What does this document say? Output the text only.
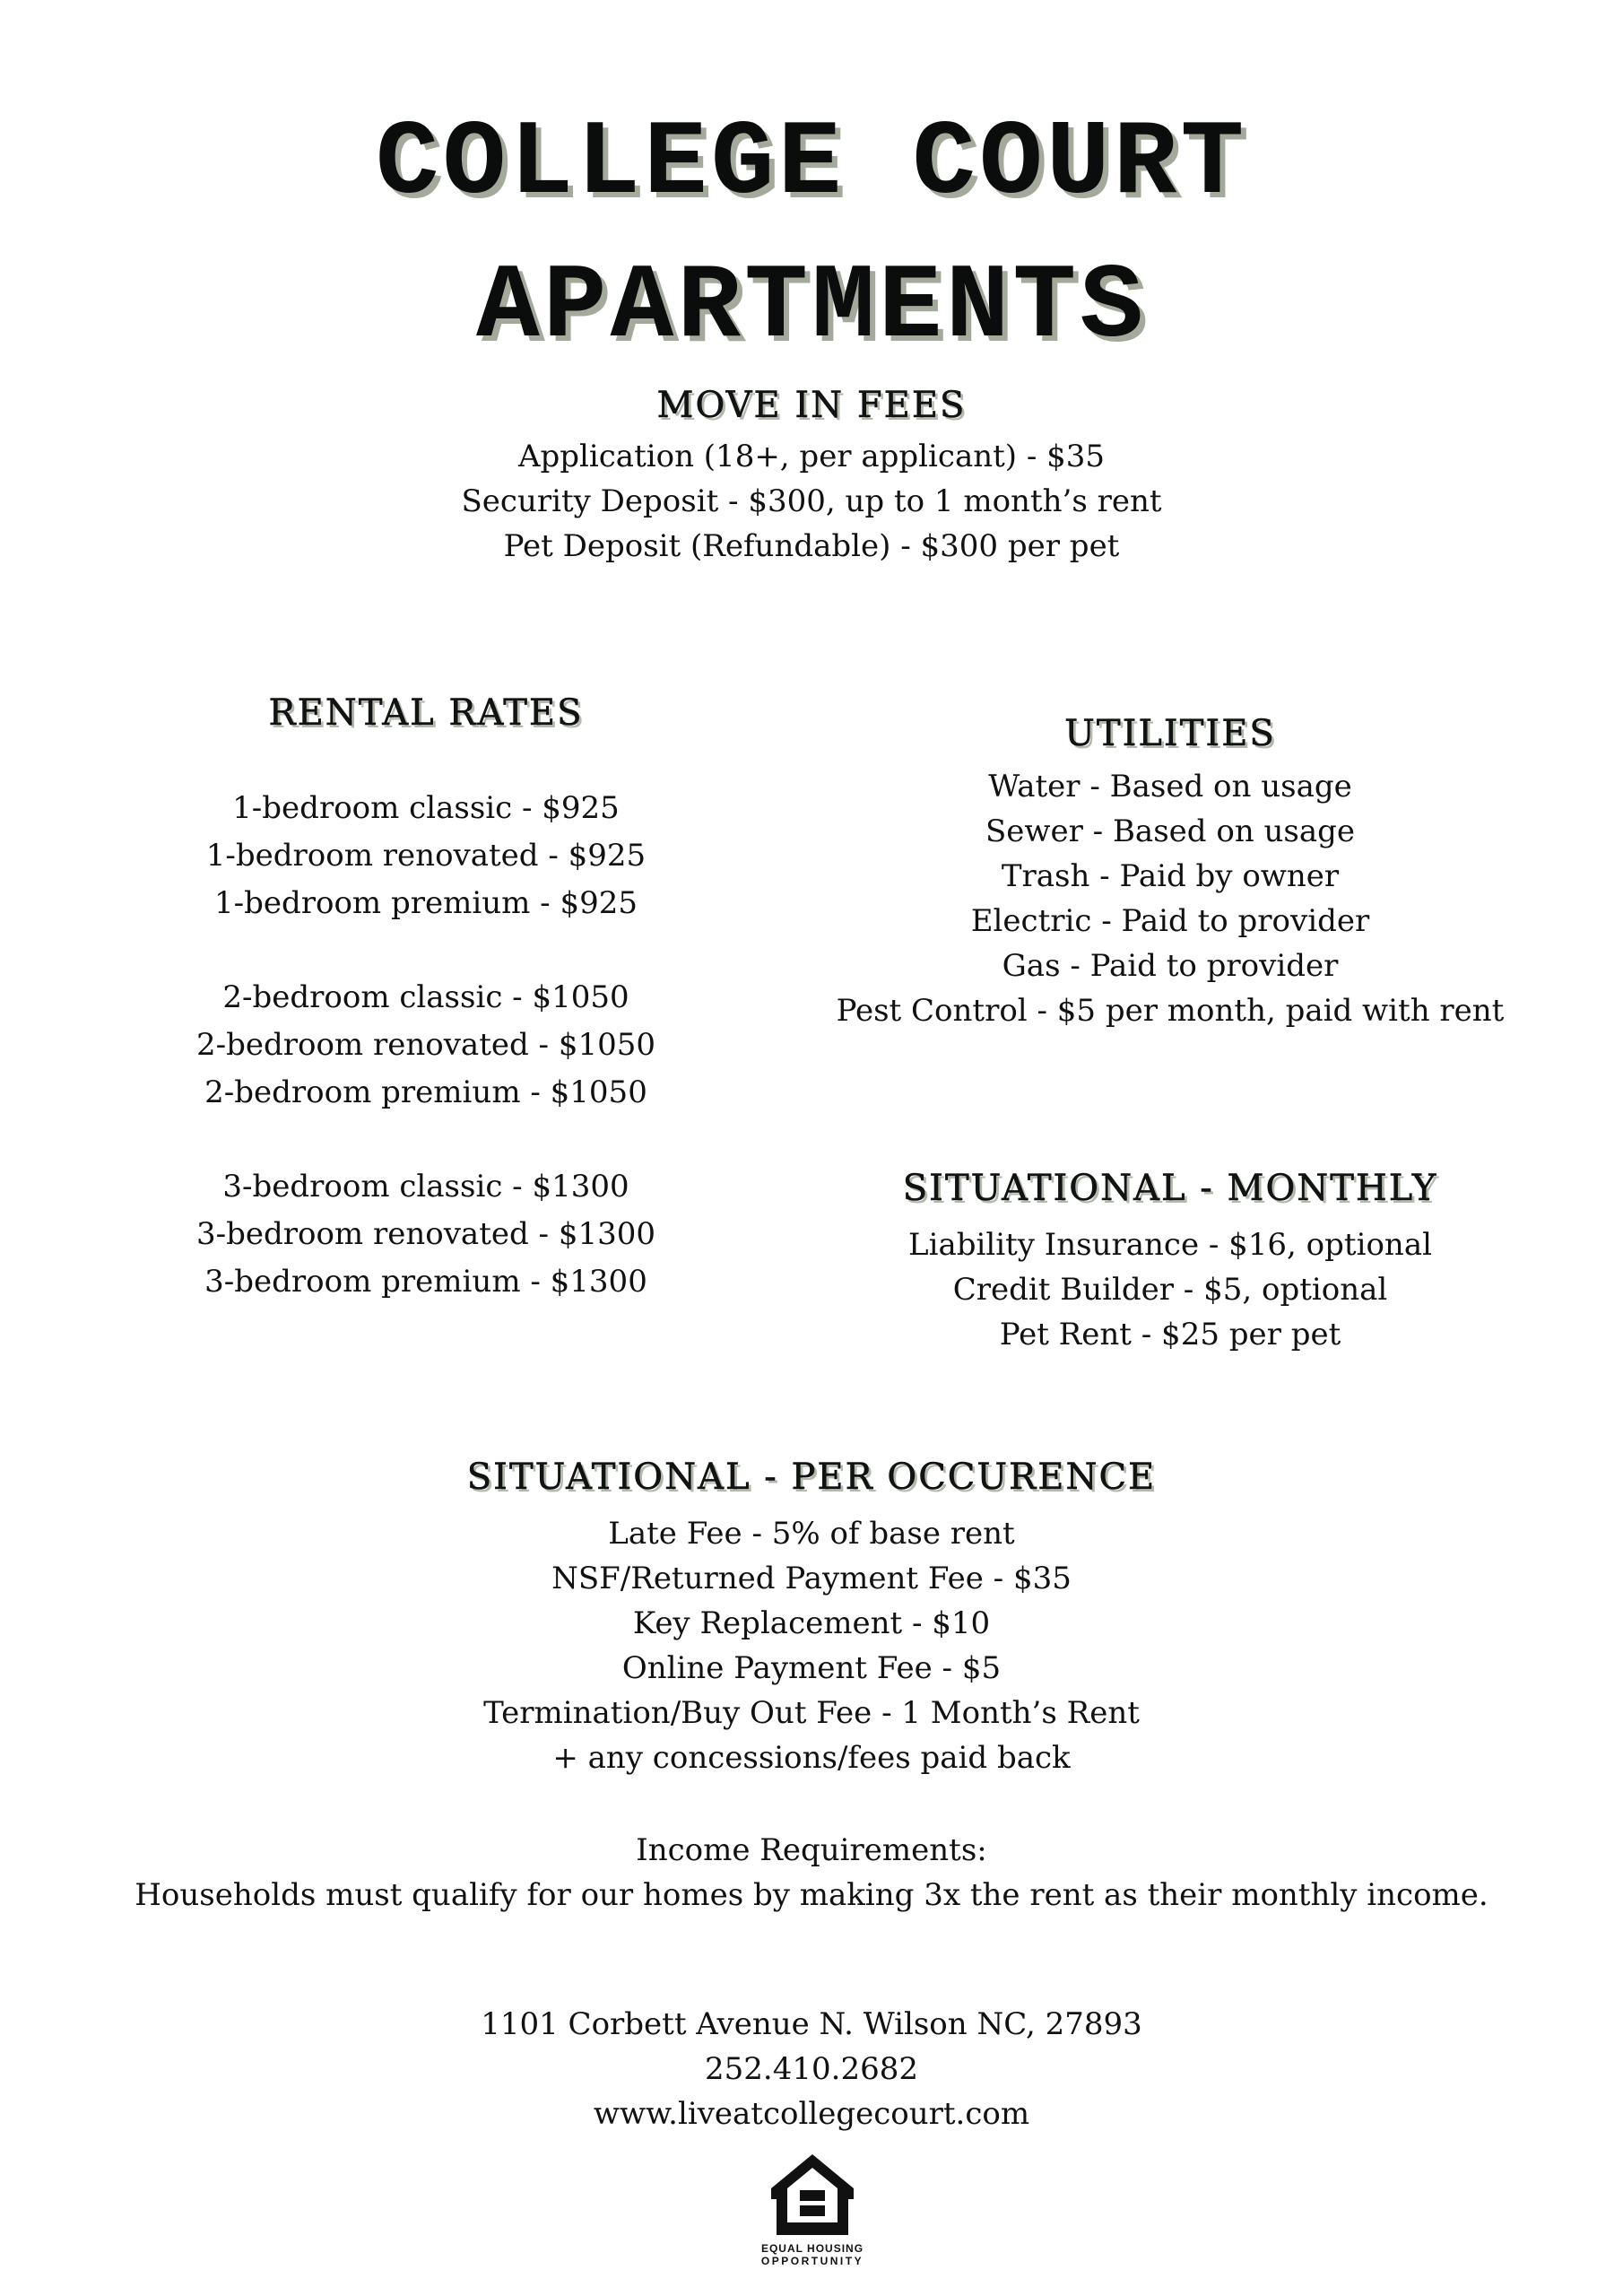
COLLEGE COURT
APARTMENTS
MOVE IN FEES
Application (18+, per applicant) - $35
Security Deposit - $300, up to 1 month’s rent
Pet Deposit (Refundable) - $300 per pet
RENTAL RATES
1-bedroom classic - $925
1-bedroom renovated - $925
1-bedroom premium - $925
2-bedroom classic - $1050
2-bedroom renovated - $1050
2-bedroom premium - $1050
3-bedroom classic - $1300
3-bedroom renovated - $1300
3-bedroom premium - $1300
UTILITIES
Water - Based on usage
Sewer - Based on usage
Trash - Paid by owner
Electric - Paid to provider
Gas - Paid to provider
Pest Control - $5 per month, paid with rent
SITUATIONAL - MONTHLY
Liability Insurance - $16, optional
Credit Builder - $5, optional
Pet Rent - $25 per pet
SITUATIONAL - PER OCCURENCE
Late Fee - 5% of base rent
NSF/Returned Payment Fee - $35
Key Replacement - $10
Online Payment Fee - $5
Termination/Buy Out Fee - 1 Month’s Rent
+ any concessions/fees paid back
Income Requirements:
Households must qualify for our homes by making 3x the rent as their monthly income.
1101 Corbett Avenue N. Wilson NC, 27893
252.410.2682
www.liveatcollegecourt.com
EQUAL HOUSING
OPPORTUNITY
